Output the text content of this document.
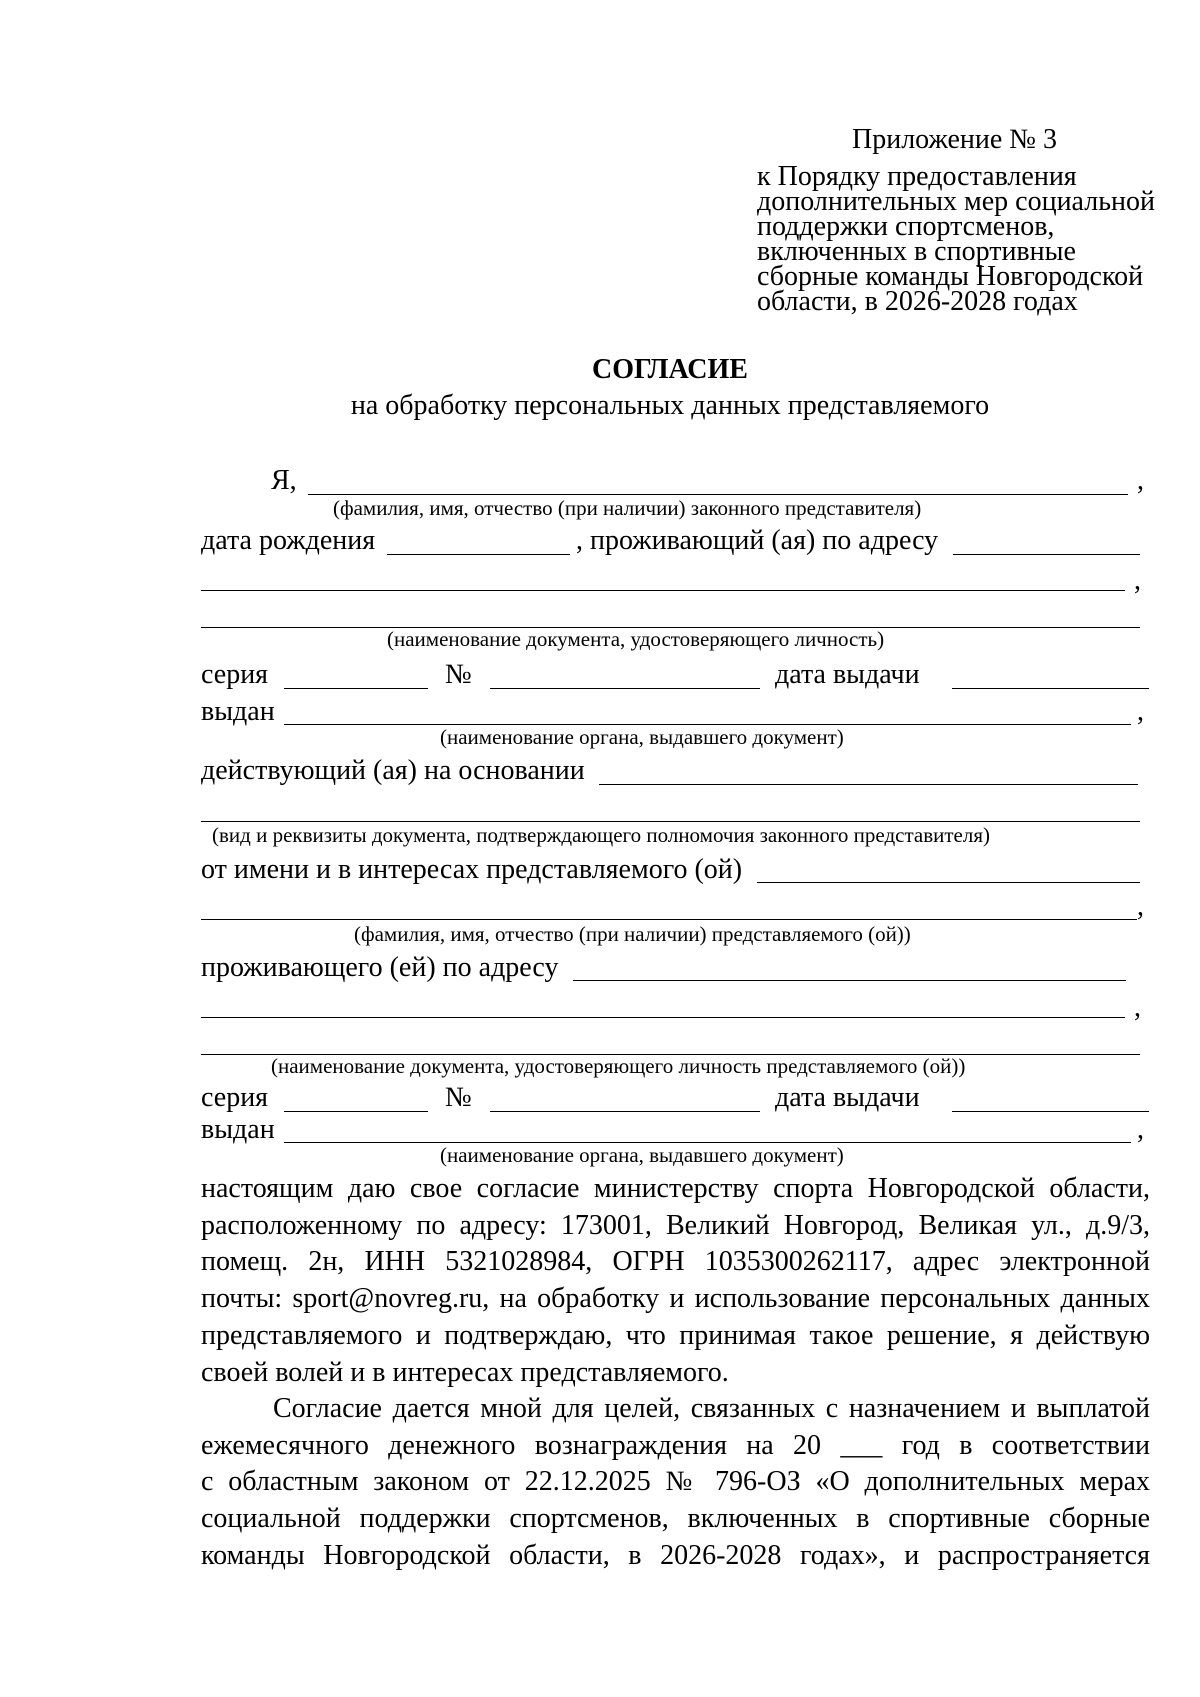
Приложение № 3
к Порядку предоставления
дополнительных мер социальной
поддержки спортсменов,
включенных в спортивные
сборные команды Новгородской
области, в 2026-2028 годах
СОГЛАСИЕ
на обработку персональных данных представляемого
Я,	,
(фамилия, имя, отчество (при наличии) законного представителя)
дата рождения	, проживающий (ая) по адресу
,
(наименование документа, удостоверяющего личность)
серия	№	дата выдачи
выдан	,
(наименование органа, выдавшего документ)
действующий (ая) на основании
(вид и реквизиты документа, подтверждающего полномочия законного представителя)
от имени и в интересах представляемого (ой)
,
(фамилия, имя, отчество (при наличии) представляемого (ой))
проживающего (ей) по адресу
,
(наименование документа, удостоверяющего личность представляемого (ой))
серия	№	дата выдачи
выдан	,
(наименование органа, выдавшего документ)
настоящим даю свое согласие министерству спорта Новгородской области,
расположенному по адресу: 173001, Великий Новгород, Великая ул., д.9/3,
помещ. 2н, ИНН 5321028984, ОГРН 1035300262117, адрес электронной
почты: sport@novreg.ru, на обработку и использование персональных данных
представляемого и подтверждаю, что принимая такое решение, я действую
своей волей и в интересах представляемого.
Согласие дается мной для целей, связанных с назначением и выплатой
ежемесячного денежного вознаграждения на 20 ___ год в соответствии
с областным законом от 22.12.2025 № 796-ОЗ «О дополнительных мерах
социальной поддержки спортсменов, включенных в спортивные сборные
команды Новгородской области, в 2026-2028 годах», и распространяется
